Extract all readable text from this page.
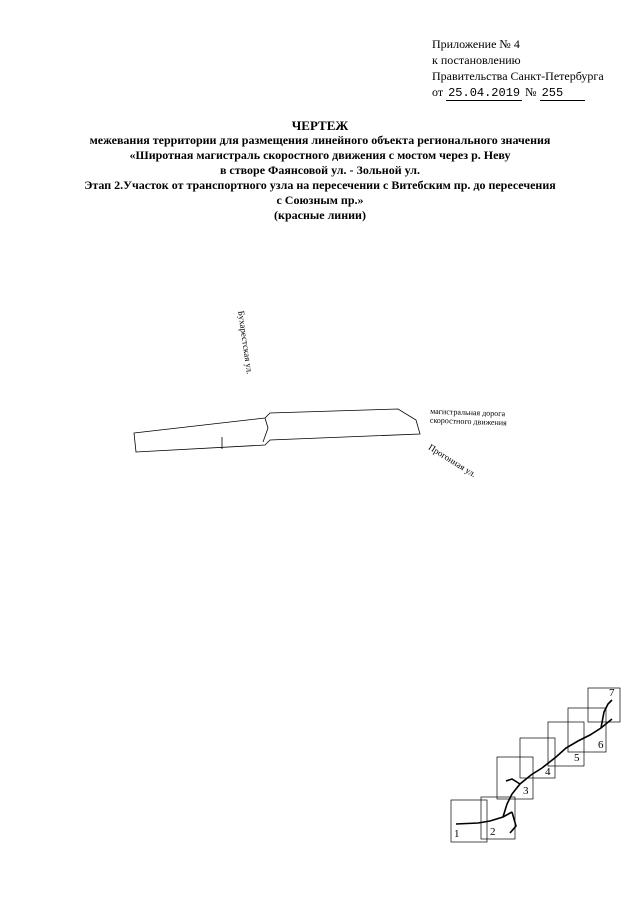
Приложение № 4
к постановлению
Правительства Санкт-Петербурга
от 25.04.2019 № 255
ЧЕРТЕЖ
межевания территории для размещения линейного объекта регионального значения
«Широтная магистраль скоростного движения с мостом через р. Неву
в створе Фаянсовой ул. - Зольной ул.
Этап 2.Участок от транспортного узла на пересечении с Витебским пр. до пересечения
с Союзным пр.»
(красные линии)
Бухарестская ул.
магистральная дорога
скоростного движения
Прогонная ул.
1	2
3
4
5
6
7
